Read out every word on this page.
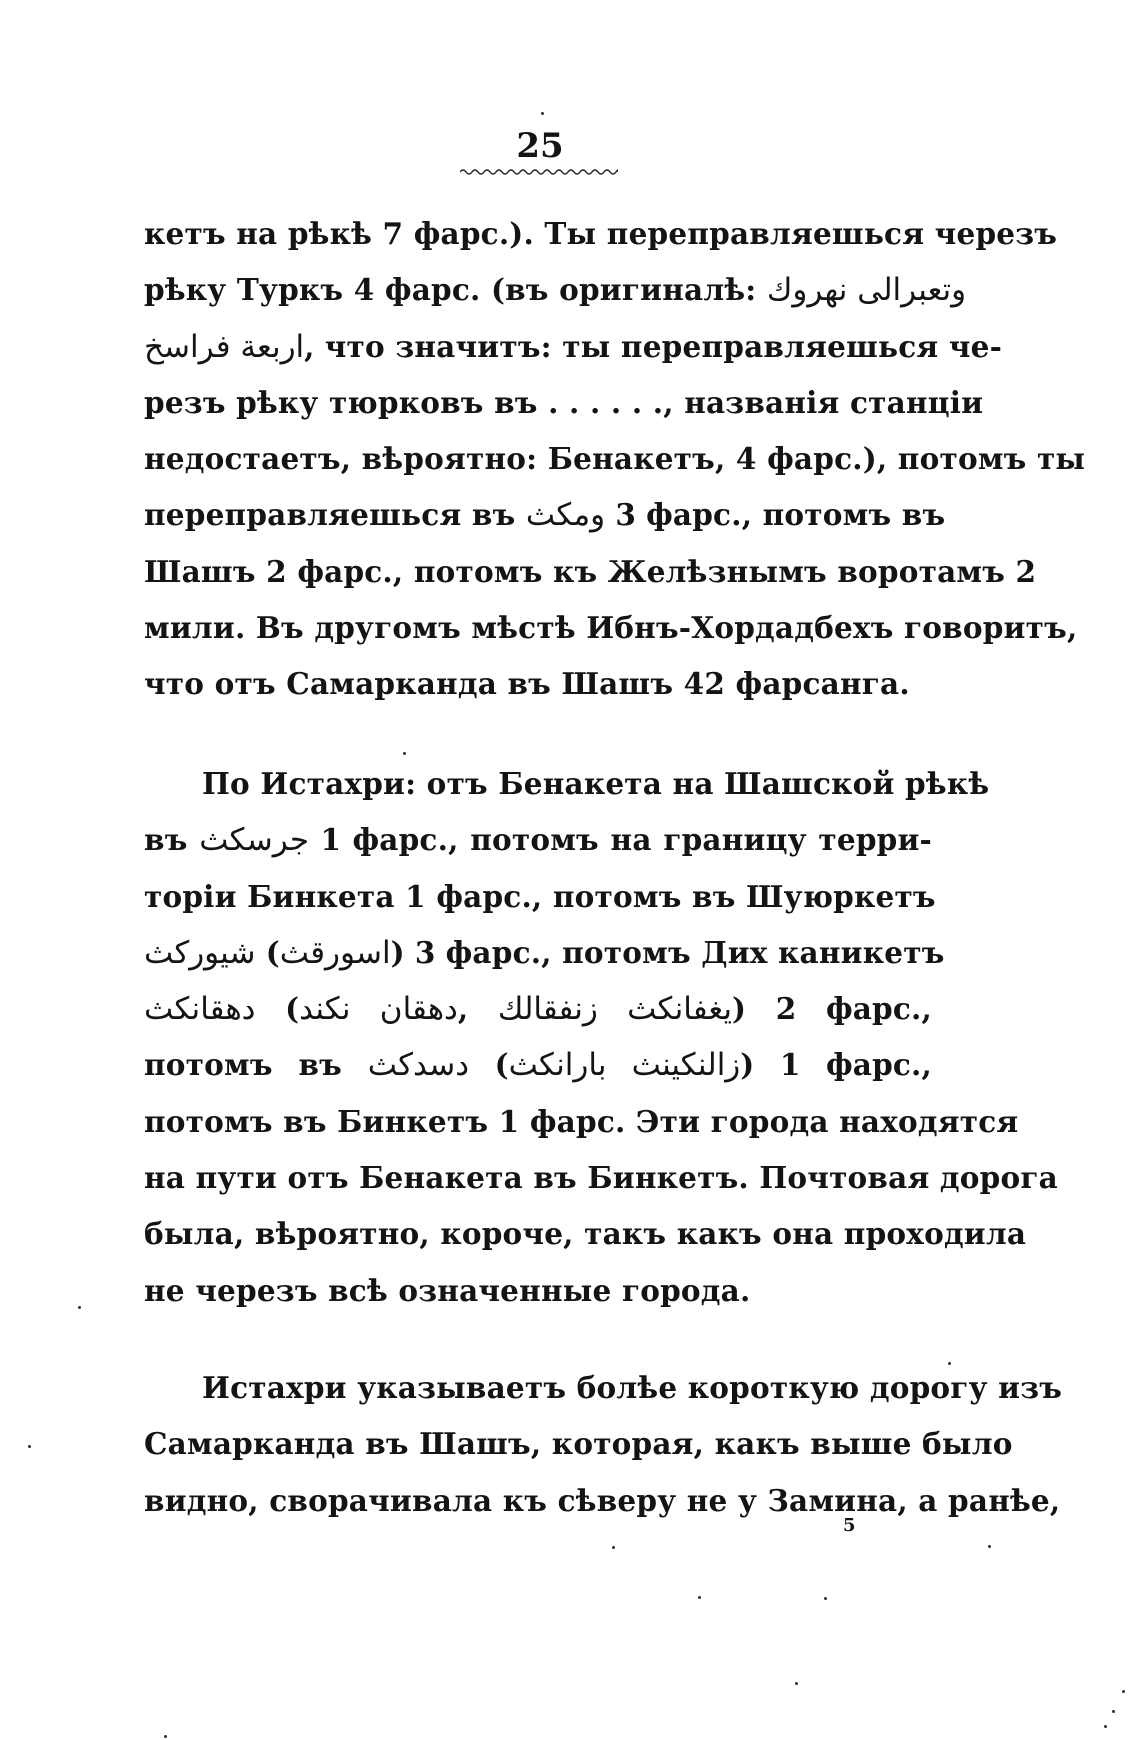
25
кетъ на рѣкѣ 7 фарс.). Ты переправляешься черезъ
рѣку Туркъ 4 фарс. (въ оригиналѣ: وتعبرالی نهروك
اربعة فراسخ, что значитъ: ты переправляешься че-
резъ рѣку тюрковъ въ . . . . . ., названія станціи
недостаетъ, вѣроятно: Бенакетъ, 4 фарс.), потомъ ты
переправляешься въ ومكث 3 фарс., потомъ въ
Шашъ 2 фарс., потомъ къ Желѣзнымъ воротамъ 2
мили. Въ другомъ мѣстѣ Ибнъ-Хордадбехъ говоритъ,
что отъ Самарканда въ Шашъ 42 фарсанга.
По Истахри: отъ Бенакета на Шашской рѣкѣ
въ جرسكث 1 фарс., потомъ на границу терри-
торіи Бинкета 1 фарс., потомъ въ Шуюркетъ
شيوركث (اسورقث) 3 фарс., потомъ Дих каникетъ
دهقانكث (دهقان نكند, يغفانكث زنفقالك) 2 фарс.,
потомъ въ دسدكث (زالنكينث بارانكث) 1 фарс.,
потомъ въ Бинкетъ 1 фарс. Эти города находятся
на пути отъ Бенакета въ Бинкетъ. Почтовая дорога
была, вѣроятно, короче, такъ какъ она проходила
не черезъ всѣ означенные города.
Истахри указываетъ болѣе короткую дорогу изъ
Самарканда въ Шашъ, которая, какъ выше было
видно, сворачивала къ сѣверу не у Замина, а ранѣе,
5
